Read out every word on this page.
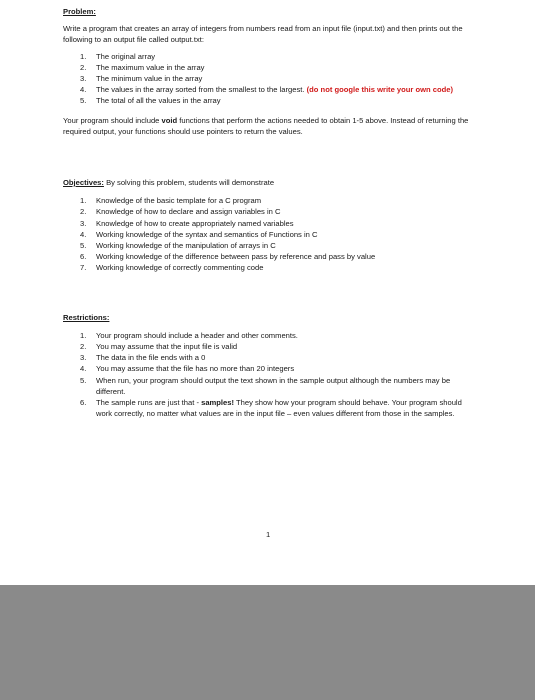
Problem:

Write a program that creates an array of integers from numbers read from an input file (input.txt) and then prints out the following to an output file called output.txt:

1. The original array
2. The maximum value in the array
3. The minimum value in the array
4. The values in the array sorted from the smallest to the largest. (do not google this write your own code)
5. The total of all the values in the array

Your program should include void functions that perform the actions needed to obtain 1-5 above. Instead of returning the required output, your functions should use pointers to return the values.

Objectives: By solving this problem, students will demonstrate
1. Knowledge of the basic template for a C program
2. Knowledge of how to declare and assign variables in C
3. Knowledge of how to create appropriately named variables
4. Working knowledge of the syntax and semantics of Functions in C
5. Working knowledge of the manipulation of arrays in C
6. Working knowledge of the difference between pass by reference and pass by value
7. Working knowledge of correctly commenting code
Restrictions:
1. Your program should include a header and other comments.
2. You may assume that the input file is valid
3. The data in the file ends with a 0
4. You may assume that the file has no more than 20 integers
5. When run, your program should output the text shown in the sample output although the numbers may be different.
6. The sample runs are just that - samples! They show how your program should behave. Your program should work correctly, no matter what values are in the input file – even values different from those in the samples.
1
